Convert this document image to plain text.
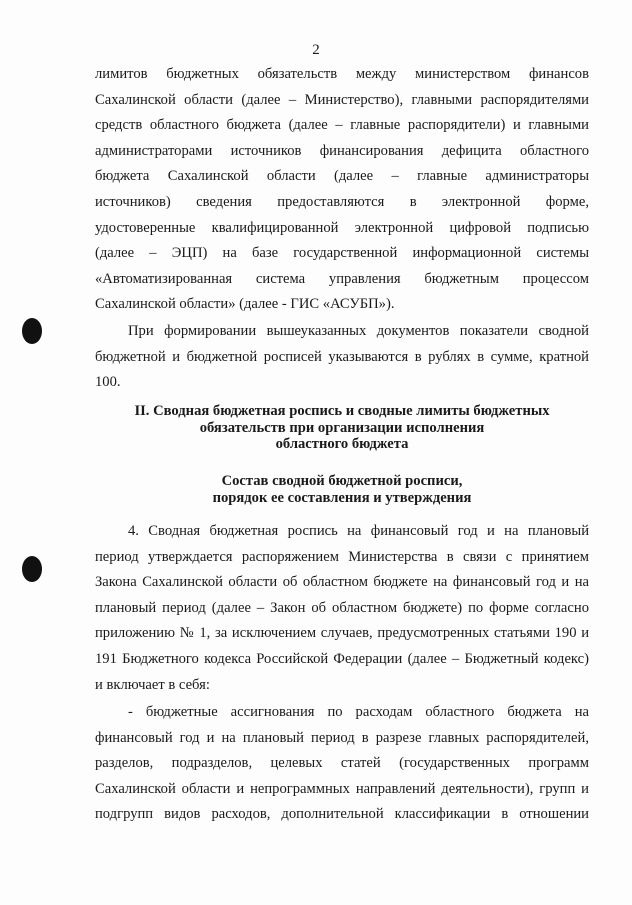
2
лимитов бюджетных обязательств между министерством финансов
Сахалинской области (далее – Министерство), главными распорядителями
средств областного бюджета (далее – главные распорядители) и главными
администраторами источников финансирования дефицита областного
бюджета Сахалинской области (далее – главные администраторы
источников) сведения предоставляются в электронной форме,
удостоверенные квалифицированной электронной цифровой подписью
(далее – ЭЦП) на базе государственной информационной системы
«Автоматизированная система управления бюджетным процессом
Сахалинской области» (далее - ГИС «АСУБП»).
При формировании вышеуказанных документов показатели сводной
бюджетной и бюджетной росписей указываются в рублях в сумме, кратной
100.
II. Сводная бюджетная роспись и сводные лимиты бюджетных
обязательств при организации исполнения
областного бюджета
Состав сводной бюджетной росписи,
порядок ее составления и утверждения
4. Сводная бюджетная роспись на финансовый год и на плановый
период утверждается распоряжением Министерства в связи с принятием
Закона Сахалинской области об областном бюджете на финансовый год и на
плановый период (далее – Закон об областном бюджете) по форме согласно
приложению № 1, за исключением случаев, предусмотренных статьями 190 и
191 Бюджетного кодекса Российской Федерации (далее – Бюджетный кодекс)
и включает в себя:
- бюджетные ассигнования по расходам областного бюджета на
финансовый год и на плановый период в разрезе главных распорядителей,
разделов, подразделов, целевых статей (государственных программ
Сахалинской области и непрограммных направлений деятельности), групп и
подгрупп видов расходов, дополнительной классификации в отношении
